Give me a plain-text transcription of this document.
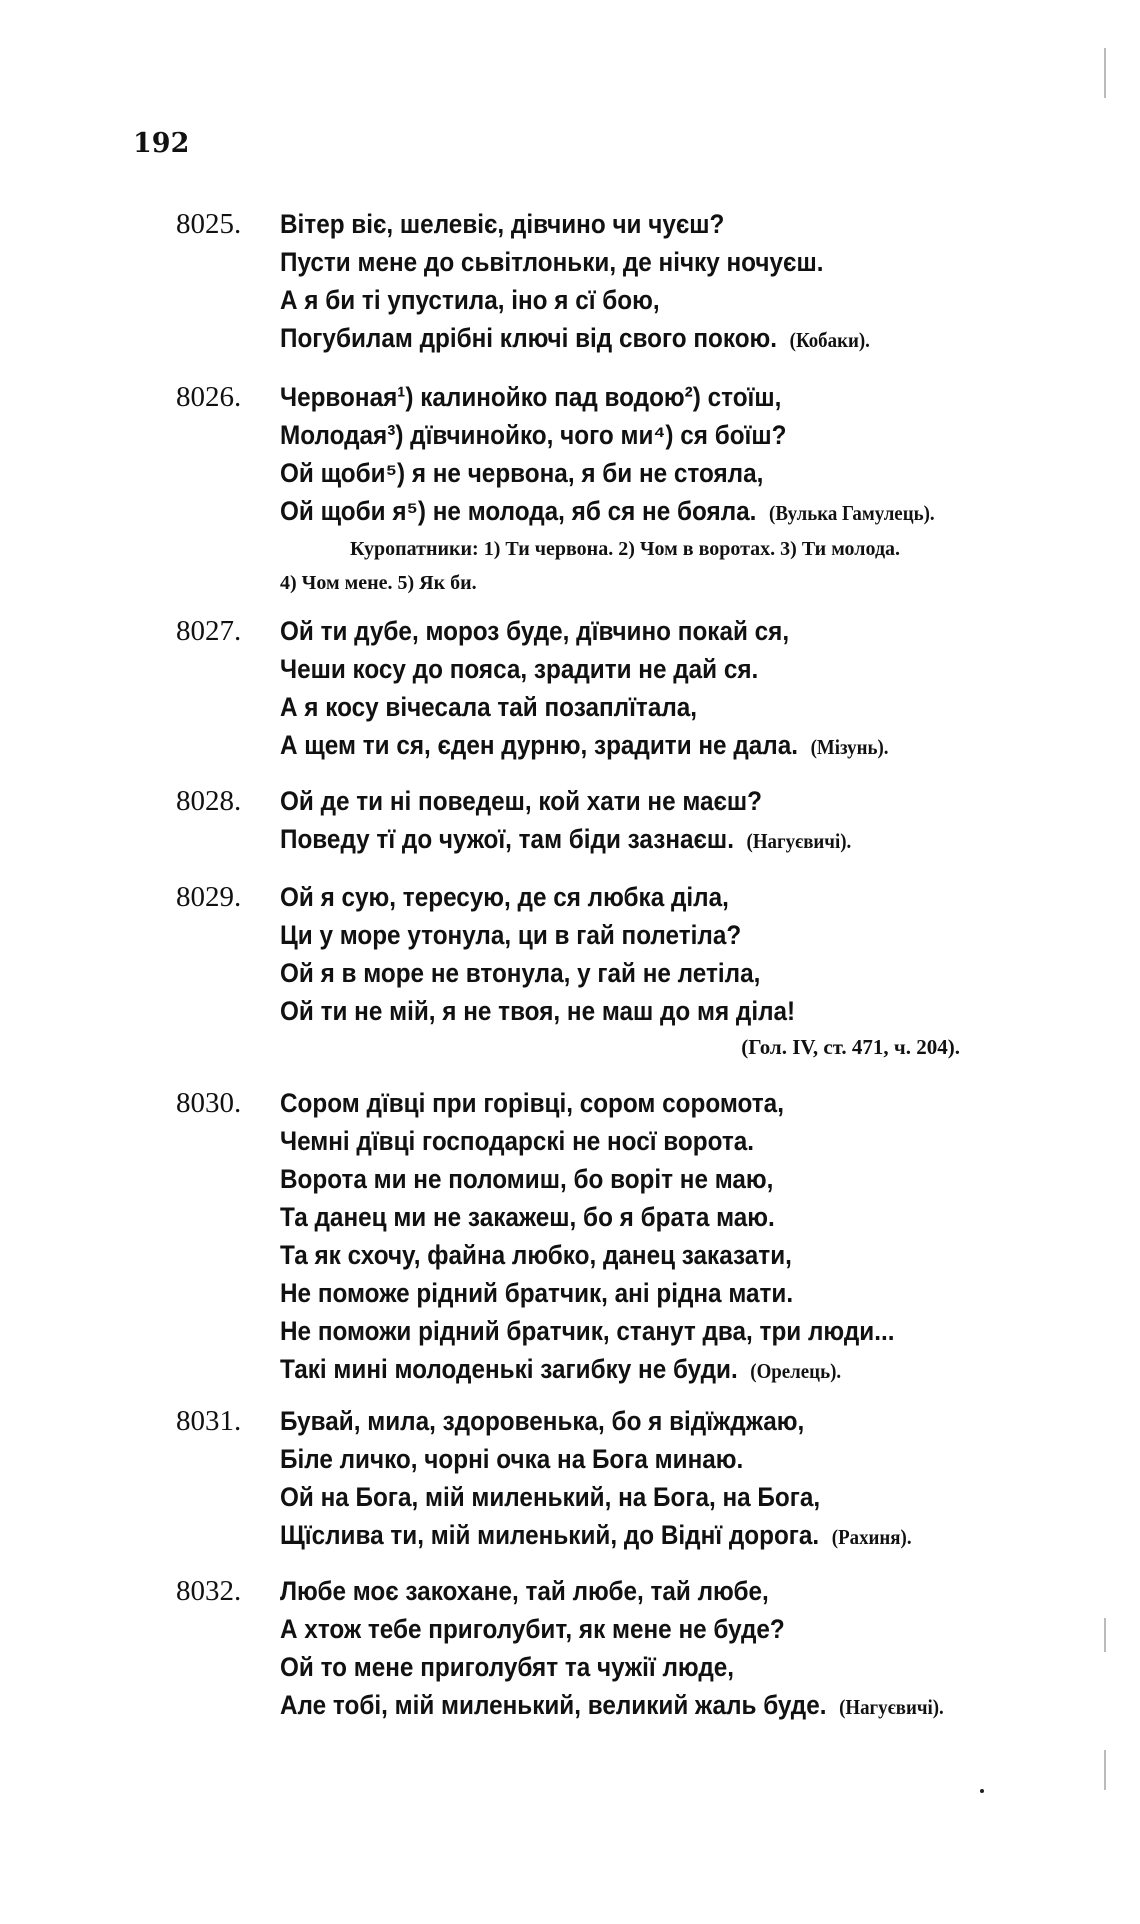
192
8025.	Вітер віє, шелевіє, дівчино чи чуєш?
Пусти мене до сьвітлоньки, де нічку ночуєш.
А я би ті упустила, іно я сї бою,
Погубилам дрібні ключі від свого покою. (Кобаки).
8026.	Червоная¹) калинойко пад водою²) стоїш,
Молодая³) дївчинойко, чого ми⁴) ся боїш?
Ой щоби⁵) я не червона, я би не стояла,
Ой щоби я⁵) не молода, яб ся не бояла. (Вулька Гамулець).
Куропатники: 1) Ти червона. 2) Чом в воротах. 3) Ти молода.
4) Чом мене. 5) Як би.
8027.	Ой ти дубе, мороз буде, дївчино покай ся,
Чеши косу до пояса, зрадити не дай ся.
А я косу вічесала тай позаплїтала,
А щем ти ся, єден дурню, зрадити не дала. (Мізунь).
8028.	Ой де ти ні поведеш, кой хати не маєш?
Поведу тї до чужої, там біди зазнаєш. (Нагуєвичі).
8029.	Ой я сую, тересую, де ся любка діла,
Ци у море утонула, ци в гай полетіла?
Ой я в море не втонула, у гай не летіла,
Ой ти не мій, я не твоя, не маш до мя діла!
(Гол. IV, ст. 471, ч. 204).
8030.	Сором дївці при горівці, сором соромота,
Чемні дївці господарскі не носї ворота.
Ворота ми не поломиш, бо воріт не маю,
Та данец ми не закажеш, бо я брата маю.
Та як схочу, файна любко, данец заказати,
Не поможе рідний братчик, ані рідна мати.
Не поможи рідний братчик, станут два, три люди...
Такі мині молоденькі загибку не буди. (Орелець).
8031.	Бувай, мила, здоровенька, бо я відїжджаю,
Біле личко, чорні очка на Бога минаю.
Ой на Бога, мій миленький, на Бога, на Бога,
Щїслива ти, мій миленький, до Віднї дорога. (Рахиня).
8032.	Любе моє закохане, тай любе, тай любе,
А хтож тебе приголубит, як мене не буде?
Ой то мене приголубят та чужії люде,
Але тобі, мій миленький, великий жаль буде. (Нагуєвичі).
